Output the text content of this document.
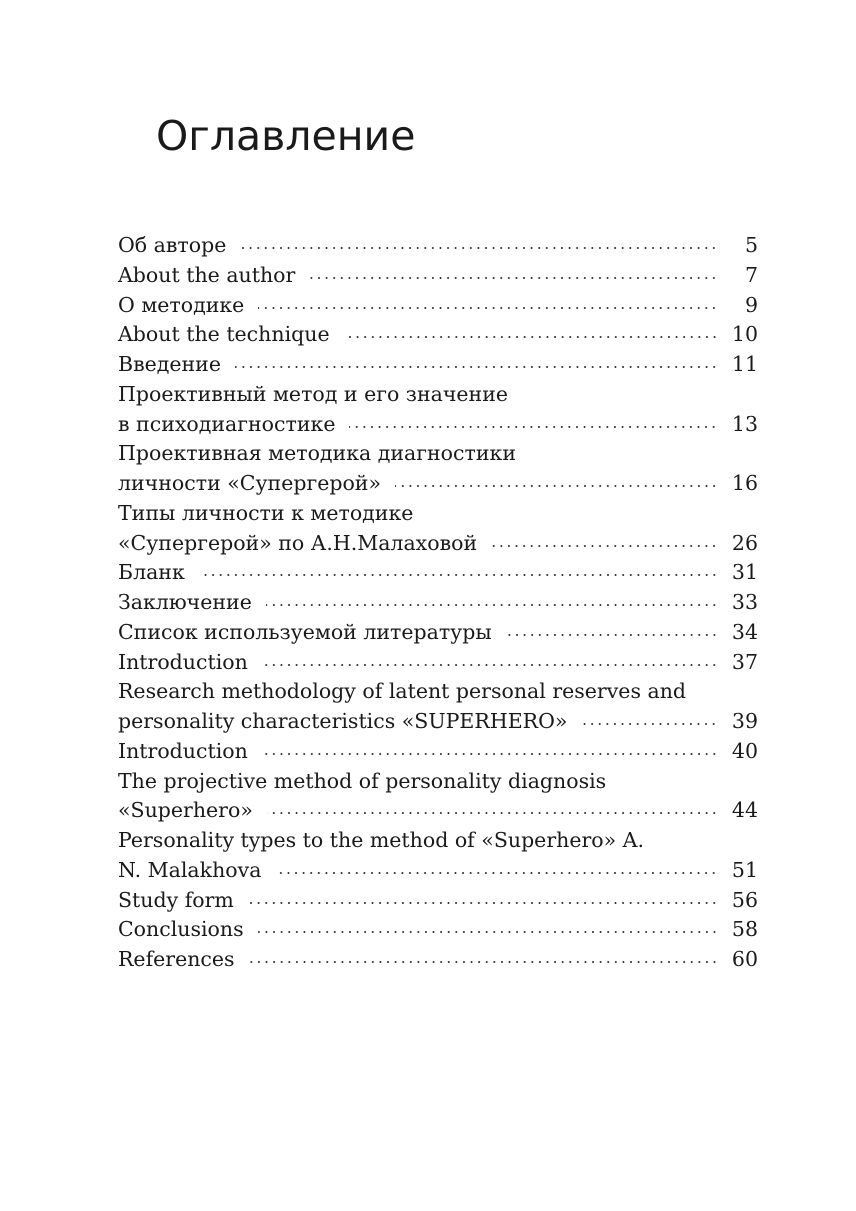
Оглавление
Об авторе	5
About the author	7
О методике	9
About the technique	10
Введение	11
Проективный метод и его значение
в психодиагностике	13
Проективная методика диагностики
личности «Супергерой»	16
Типы личности к методике
«Супергерой» по А.Н.Малаховой	26
Бланк	31
Заключение	33
Список используемой литературы	34
Introduction	37
Research methodology of latent personal reserves and
personality characteristics «SUPERHERO»	39
Introduction	40
The projective method of personality diagnosis
«Superhero»	44
Personality types to the method of «Superhero» A.
N. Malakhova	51
Study form	56
Conclusions	58
References	60
